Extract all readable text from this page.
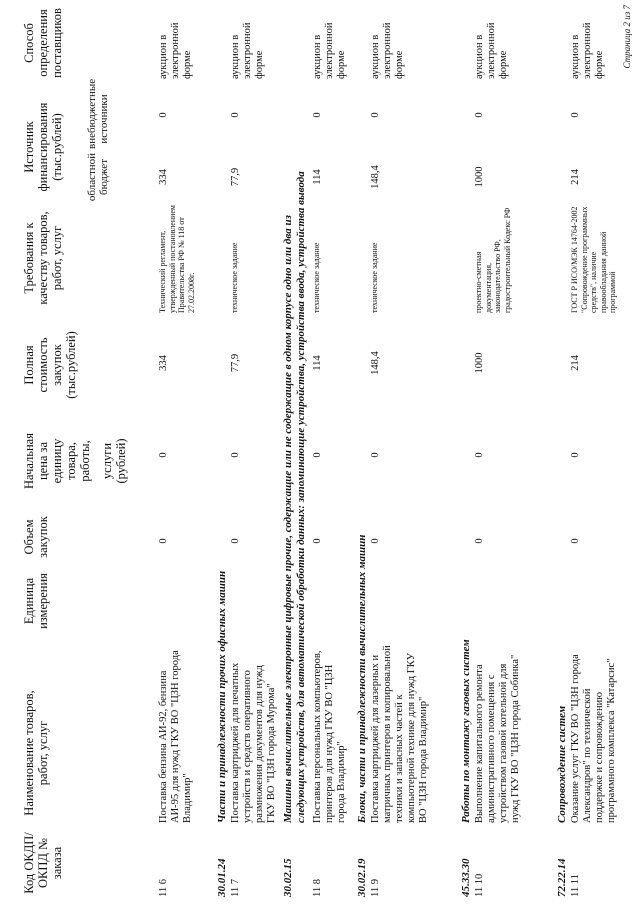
Код ОКДП/ ОКПД № заказа
Наименование товаров, работ, услуг
Единица измерения
Объем закупок
Начальная цена за единицу товара, работы, услуги (рублей)
Полная стоимость закупок (тыс.рублей)
Требования к качеству товаров, работ, услуг
Источник финансирования (тыс.рублей) областной бюджет
внебюджетные источники
Способ определения поставщиков
11 6
Поставка бензина АИ-92, бензина АИ-95 для нужд ГКУ ВО "ЦЗН города Владимир"
0
0
334
Технический регламент, утвержденный постановлением Правительства РФ № 118 от 27.02.2008г.
334
0
аукцион в электронной форме
30.01.24
Части и принадлежности прочих офисных машин
11 7
Поставка картриджей для печатных устройств и средств оперативного размножения документов для нужд ГКУ ВО "ЦЗН города Мурома"
0
0
77,9
техническое задание
77,9
0
аукцион в электронной форме
30.02.15
Машины вычислительные электронные цифровые прочие, содержащие или не содержащие в одном корпусе одно или два из следующих устройств, для автоматической обработки данных: запоминающие устройства, устройства ввода, устройства вывода
11 8
Поставка персональных компьютеров, принтеров для нужд ГКУ ВО "ЦЗН города Владимир"
0
0
114
техническое задание
114
0
аукцион в электронной форме
30.02.19
Блоки, части и принадлежности вычислительных машин
11 9
Поставка картриджей для лазерных и матричных принтеров и копировальной техники и запасных частей к компьютерной технике для нужд ГКУ ВО "ЦЗН города Владимир"
0
0
148,4
техническое задание
148,4
0
аукцион в электронной форме
45.33.30
Работы по монтажу газовых систем
11 10
Выполнение капитального ремонта административного помещения с устройством газовой котельной для нужд ГКУ ВО "ЦЗН города Собинка"
0
0
1000
проектно-сметная документация, законодательство РФ, градостроительный Кодекс РФ
1000
0
аукцион в электронной форме
72.22.14
Сопровождение систем
11 11
Оказание услуг ГКУ ВО "ЦЗН города Александров" по технической поддержке и сопровождению программного комплекса "Катарсис"
0
0
214
ГОСТ Р ИСО/МЭК 14764-2002 "Сопровождение программных средств", наличие правообладания данной программой
214
0
аукцион в электронной форме Страница 2 из 7
